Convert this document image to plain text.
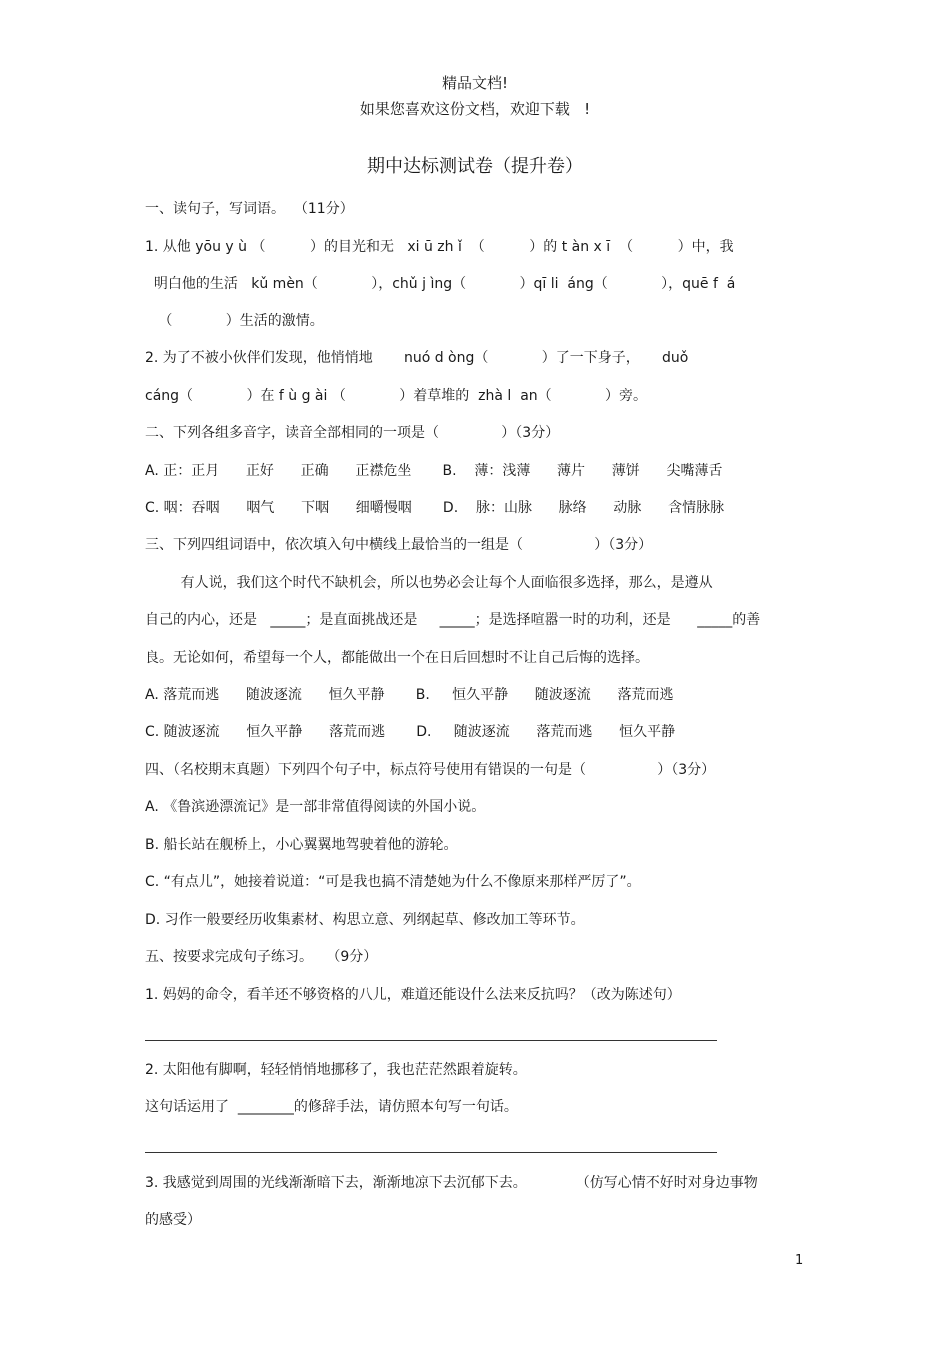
精品文档!
如果您喜欢这份文档，欢迎下载   !
期中达标测试卷（提升卷）
一、读句子，写词语。  （11分）
1. 从他 yōu y ù （          ）的目光和无   xi ū zh ǐ  （          ）的 t àn x ī  （          ）中，我
明白他的生活   kǔ mèn（            ），chǔ j ìng（            ）qī li  áng（            ），quē f  á
（            ）生活的激情。
2. 为了不被小伙伴们发现，他悄悄地       nuó d òng（            ）了一下身子，     duǒ
cáng（            ）在 f ù g ài （            ）着草堆的  zhà l  an（            ）旁。
二、下列各组多音字，读音全部相同的一项是（              ）（3分）
A. 正：正月      正好      正确      正襟危坐       B.    薄：浅薄      薄片      薄饼      尖嘴薄舌
C. 咽：吞咽      咽气      下咽      细嚼慢咽       D.    脉：山脉      脉络      动脉      含情脉脉
三、下列四组词语中，依次填入句中横线上最恰当的一组是（                ）（3分）
有人说，我们这个时代不缺机会，所以也势必会让每个人面临很多选择，那么，是遵从
自己的内心，还是   _____；是直面挑战还是     _____；是选择喧嚣一时的功利，还是      _____的善
良。无论如何，希望每一个人，都能做出一个在日后回想时不让自己后悔的选择。
A. 落荒而逃      随波逐流      恒久平静       B.     恒久平静      随波逐流      落荒而逃
C. 随波逐流      恒久平静      落荒而逃       D.     随波逐流      落荒而逃      恒久平静
四、（名校期末真题）下列四个句子中，标点符号使用有错误的一句是（                ）（3分）
A. 《鲁滨逊漂流记》是一部非常值得阅读的外国小说。
B. 船长站在舰桥上，小心翼翼地驾驶着他的游轮。
C. “有点儿”，她接着说道：“可是我也搞不清楚她为什么不像原来那样严厉了”。
D. 习作一般要经历收集素材、构思立意、列纲起草、修改加工等环节。
五、按要求完成句子练习。   （9分）
1. 妈妈的命令，看羊还不够资格的八儿，难道还能设什么法来反抗吗？（改为陈述句）
2. 太阳他有脚啊，轻轻悄悄地挪移了，我也茫茫然跟着旋转。
这句话运用了  ________的修辞手法，请仿照本句写一句话。
3. 我感觉到周围的光线渐渐暗下去，渐渐地凉下去沉郁下去。           （仿写心情不好时对身边事物
的感受）
1
